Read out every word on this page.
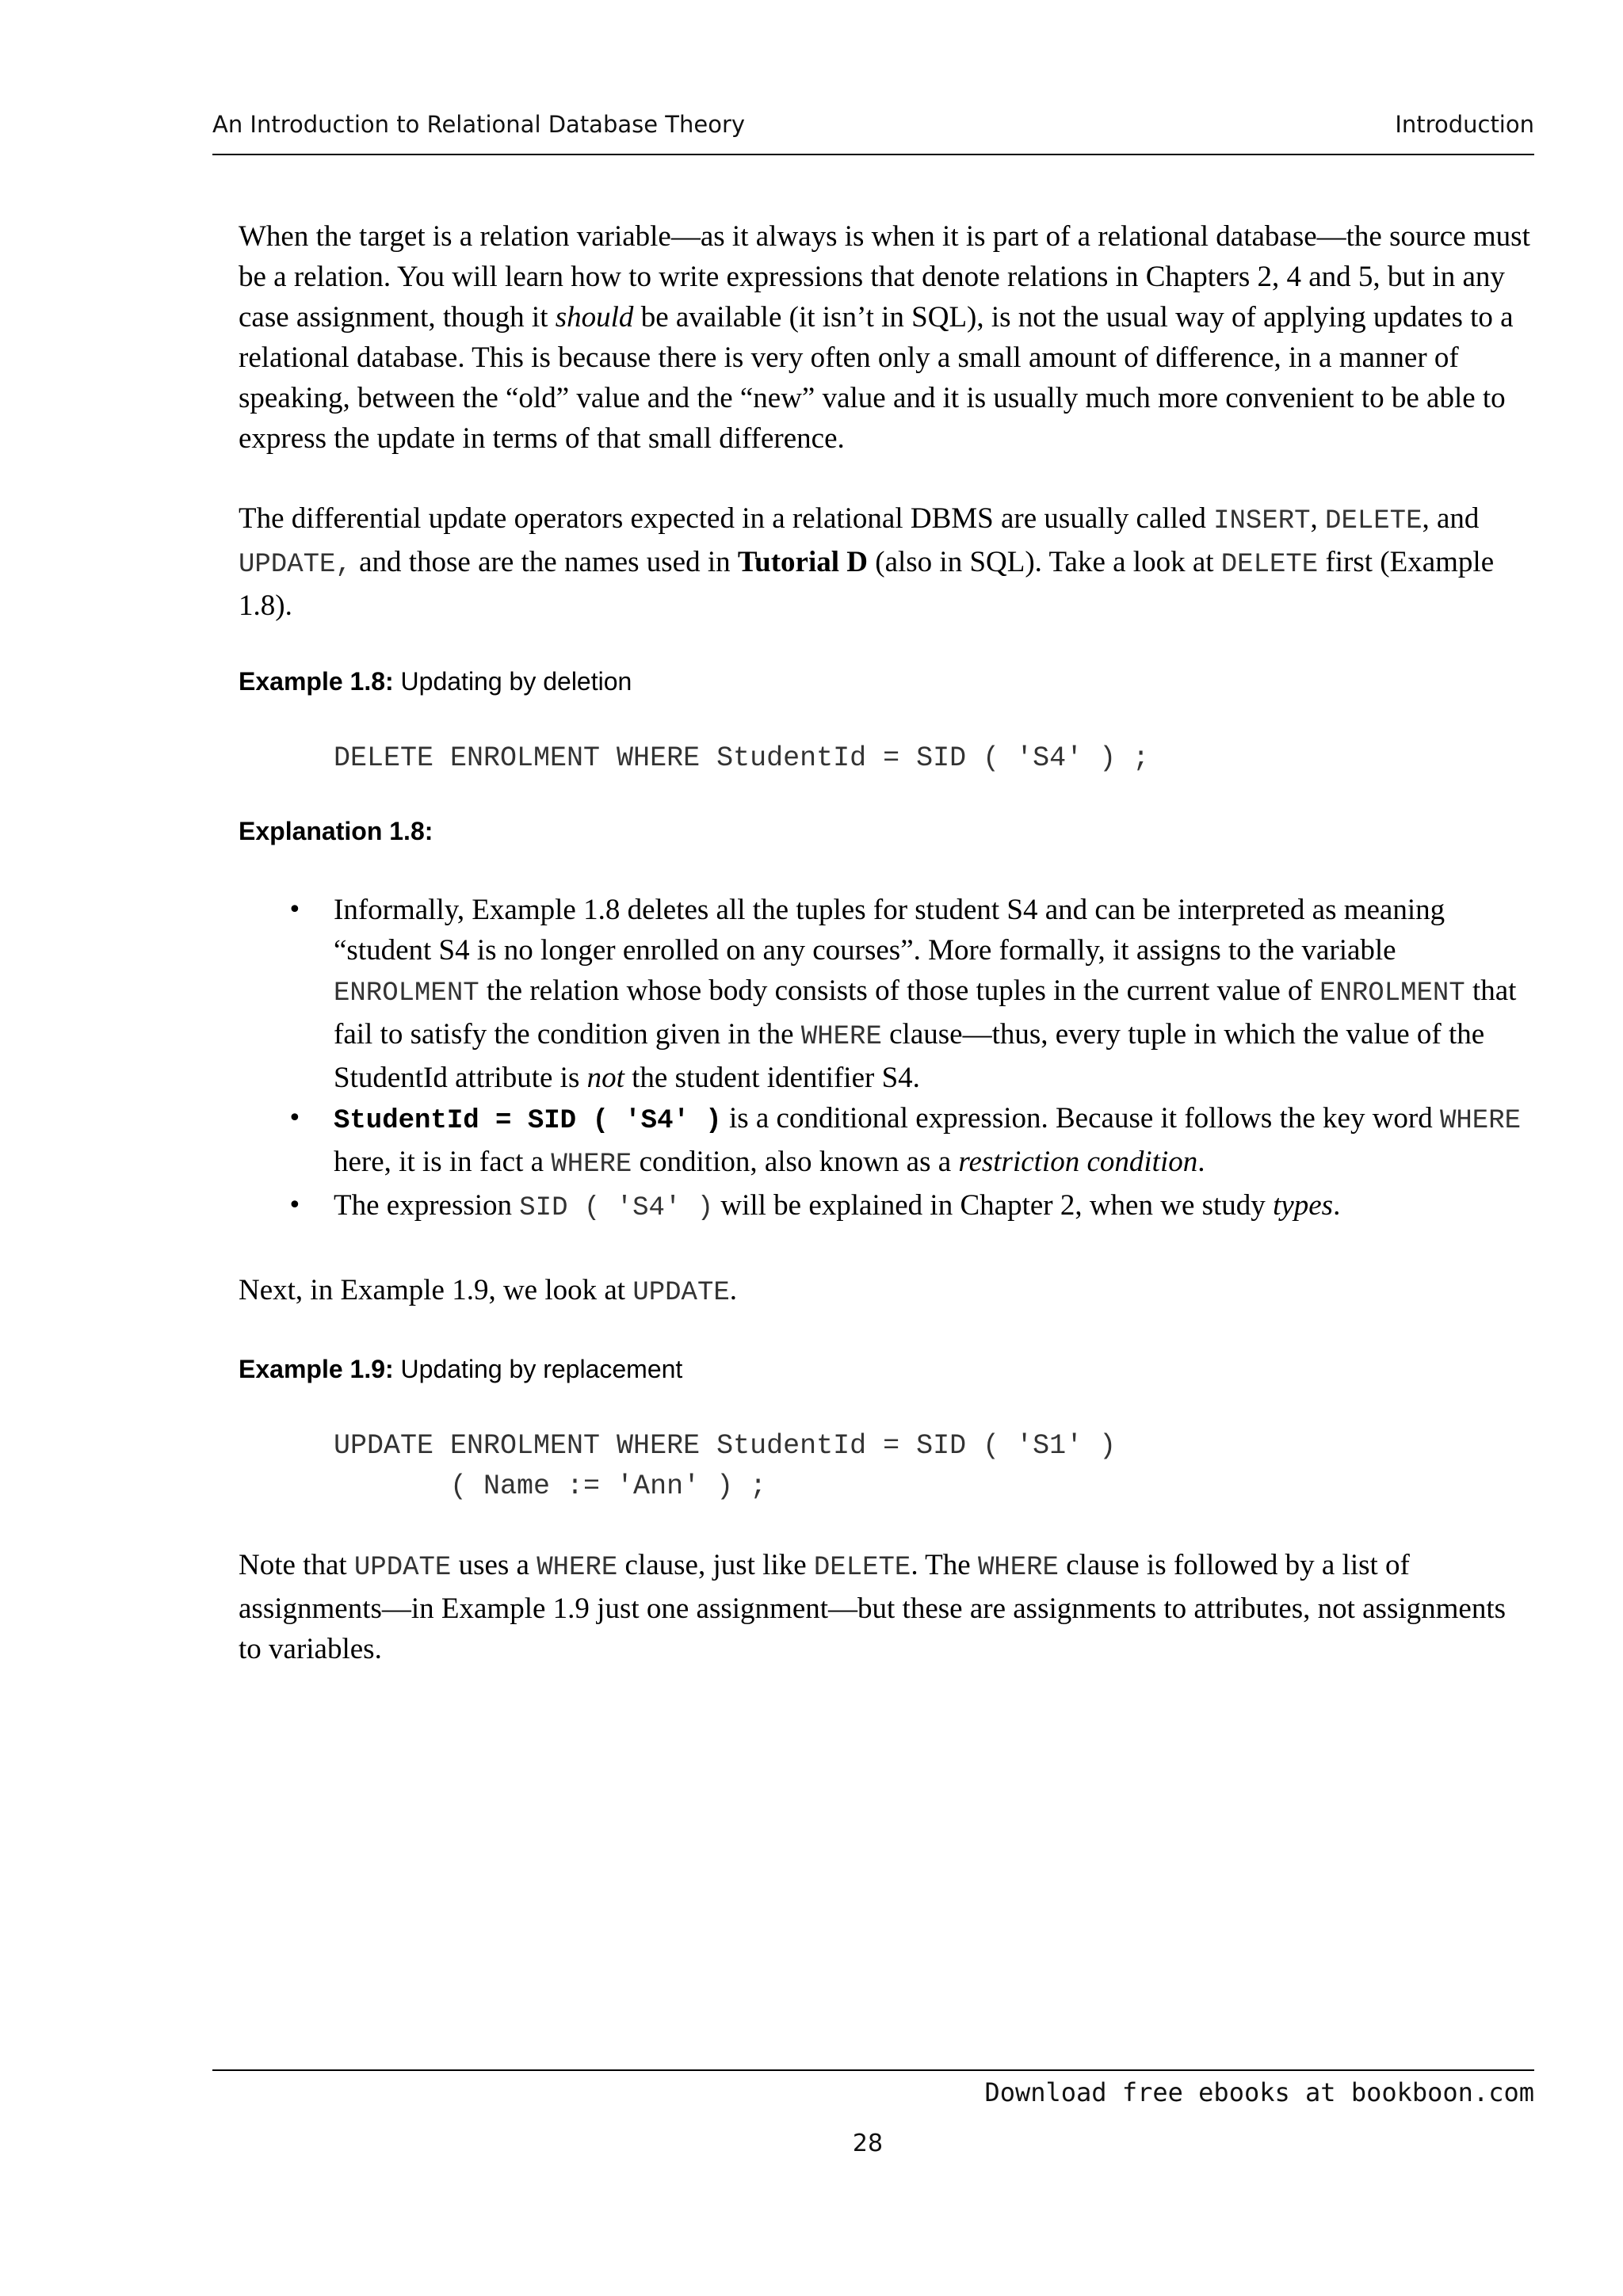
An Introduction to Relational Database Theory	Introduction

When the target is a relation variable—as it always is when it is part of a relational database—the source must be a relation. You will learn how to write expressions that denote relations in Chapters 2, 4 and 5, but in any case assignment, though it should be available (it isn’t in SQL), is not the usual way of applying updates to a relational database. This is because there is very often only a small amount of difference, in a manner of speaking, between the “old” value and the “new” value and it is usually much more convenient to be able to express the update in terms of that small difference.

The differential update operators expected in a relational DBMS are usually called INSERT, DELETE, and UPDATE, and those are the names used in Tutorial D (also in SQL). Take a look at DELETE first (Example 1.8).

Example 1.8: Updating by deletion

DELETE ENROLMENT WHERE StudentId = SID ( 'S4' ) ;

Explanation 1.8:

• Informally, Example 1.8 deletes all the tuples for student S4 and can be interpreted as meaning “student S4 is no longer enrolled on any courses”. More formally, it assigns to the variable ENROLMENT the relation whose body consists of those tuples in the current value of ENROLMENT that fail to satisfy the condition given in the WHERE clause—thus, every tuple in which the value of the StudentId attribute is not the student identifier S4.
• StudentId = SID ( 'S4' ) is a conditional expression. Because it follows the key word WHERE here, it is in fact a WHERE condition, also known as a restriction condition.
• The expression SID ( 'S4' ) will be explained in Chapter 2, when we study types.

Next, in Example 1.9, we look at UPDATE.

Example 1.9: Updating by replacement

UPDATE ENROLMENT WHERE StudentId = SID ( 'S1' )

( Name := 'Ann' ) ;

Note that UPDATE uses a WHERE clause, just like DELETE. The WHERE clause is followed by a list of assignments—in Example 1.9 just one assignment—but these are assignments to attributes, not assignments to variables.

Download free ebooks at bookboon.com
28
